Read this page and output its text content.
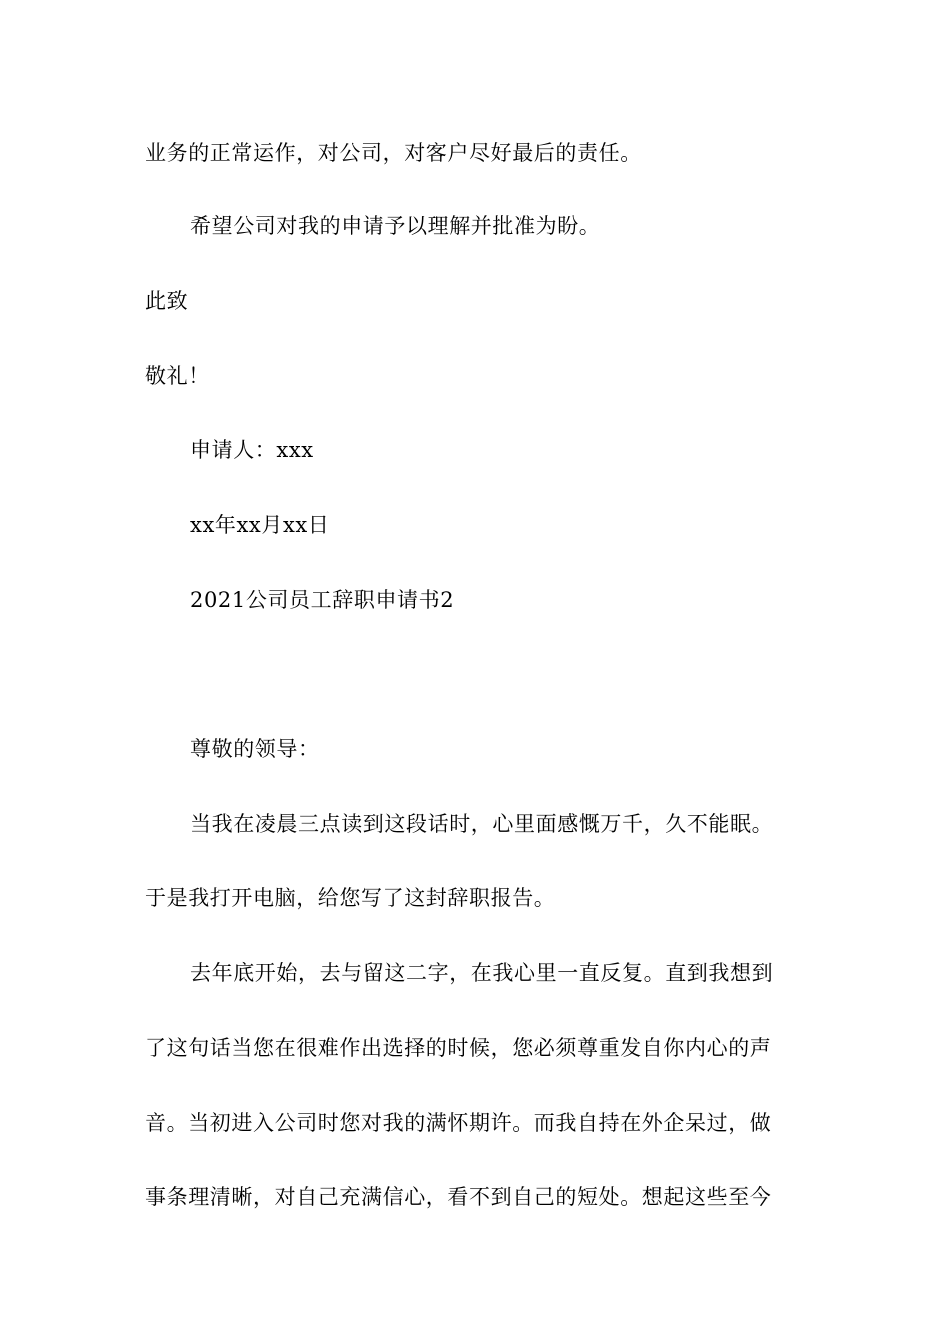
业务的正常运作，对公司，对客户尽好最后的责任。
希望公司对我的申请予以理解并批准为盼。
此致
敬礼！
申请人：xxx
xx年xx月xx日
2021公司员工辞职申请书2
尊敬的领导：
当我在凌晨三点读到这段话时，心里面感慨万千，久不能眠。
于是我打开电脑，给您写了这封辞职报告。
去年底开始，去与留这二字，在我心里一直反复。直到我想到
了这句话当您在很难作出选择的时候，您必须尊重发自你内心的声
音。当初进入公司时您对我的满怀期许。而我自持在外企呆过，做
事条理清晰，对自己充满信心，看不到自己的短处。想起这些至今
